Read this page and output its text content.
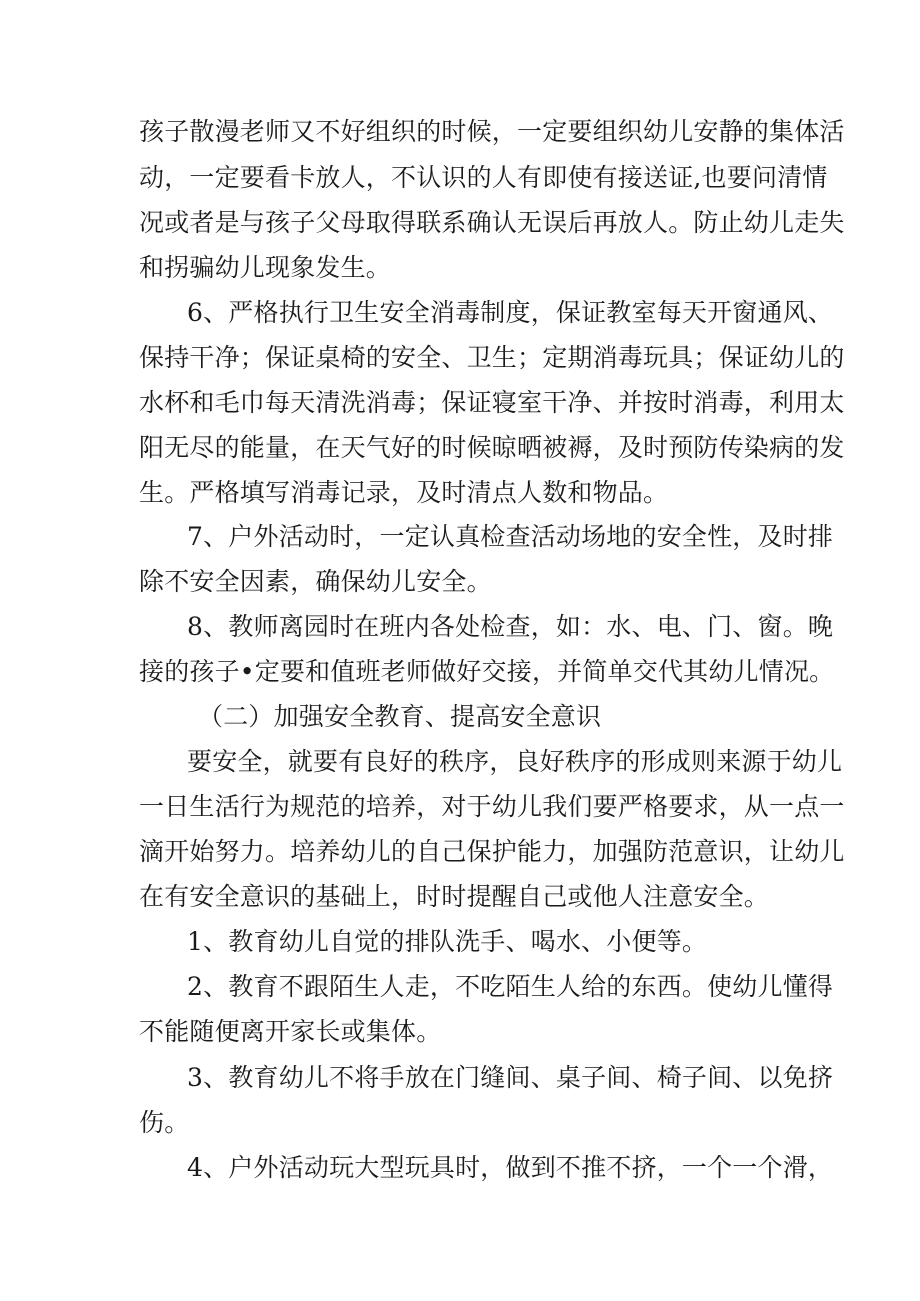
孩子散漫老师又不好组织的时候，一定要组织幼儿安静的集体活
动，一定要看卡放人，不认识的人有即使有接送证,也要问清情
况或者是与孩子父母取得联系确认无误后再放人。防止幼儿走失
和拐骗幼儿现象发生。
6、严格执行卫生安全消毒制度，保证教室每天开窗通风、
保持干净；保证桌椅的安全、卫生；定期消毒玩具；保证幼儿的
水杯和毛巾每天清洗消毒；保证寝室干净、并按时消毒，利用太
阳无尽的能量，在天气好的时候晾晒被褥，及时预防传染病的发
生。严格填写消毒记录，及时清点人数和物品。
7、户外活动时，一定认真检查活动场地的安全性，及时排
除不安全因素，确保幼儿安全。
8、教师离园时在班内各处检查，如：水、电、门、窗。晚
接的孩子•定要和值班老师做好交接，并简单交代其幼儿情况。
（二）加强安全教育、提高安全意识
要安全，就要有良好的秩序，良好秩序的形成则来源于幼儿
一日生活行为规范的培养，对于幼儿我们要严格要求，从一点一
滴开始努力。培养幼儿的自己保护能力，加强防范意识，让幼儿
在有安全意识的基础上，时时提醒自己或他人注意安全。
1、教育幼儿自觉的排队洗手、喝水、小便等。
2、教育不跟陌生人走，不吃陌生人给的东西。使幼儿懂得
不能随便离开家长或集体。
3、教育幼儿不将手放在门缝间、桌子间、椅子间、以免挤
伤。
4、户外活动玩大型玩具时，做到不推不挤，一个一个滑，
